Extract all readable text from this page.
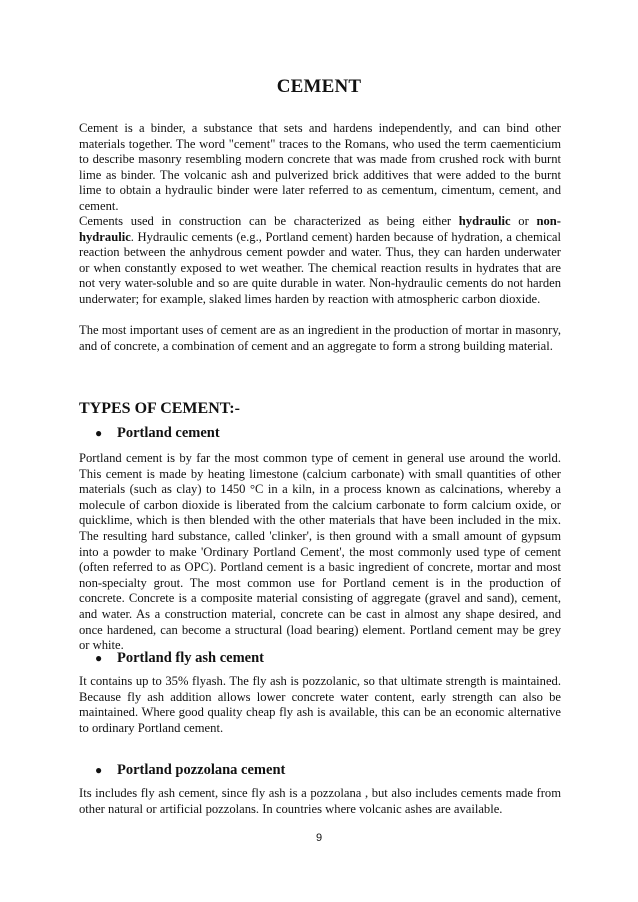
CEMENT

Cement is a binder, a substance that sets and hardens independently, and can bind other materials together. The word "cement" traces to the Romans, who used the term caementicium to describe masonry resembling modern concrete that was made from crushed rock with burnt lime as binder. The volcanic ash and pulverized brick additives that were added to the burnt lime to obtain a hydraulic binder were later referred to as cementum, cimentum, cement, and cement.

Cements used in construction can be characterized as being either hydraulic or non-hydraulic. Hydraulic cements (e.g., Portland cement) harden because of hydration, a chemical reaction between the anhydrous cement powder and water. Thus, they can harden underwater or when constantly exposed to wet weather. The chemical reaction results in hydrates that are not very water-soluble and so are quite durable in water. Non-hydraulic cements do not harden underwater; for example, slaked limes harden by reaction with atmospheric carbon dioxide.

The most important uses of cement are as an ingredient in the production of mortar in masonry, and of concrete, a combination of cement and an aggregate to form a strong building material.

TYPES OF CEMENT:-
● Portland cement

Portland cement is by far the most common type of cement in general use around the world. This cement is made by heating limestone (calcium carbonate) with small quantities of other materials (such as clay) to 1450 °C in a kiln, in a process known as calcinations, whereby a molecule of carbon dioxide is liberated from the calcium carbonate to form calcium oxide, or quicklime, which is then blended with the other materials that have been included in the mix. The resulting hard substance, called 'clinker', is then ground with a small amount of gypsum into a powder to make 'Ordinary Portland Cement', the most commonly used type of cement (often referred to as OPC). Portland cement is a basic ingredient of concrete, mortar and most non-specialty grout. The most common use for Portland cement is in the production of concrete. Concrete is a composite material consisting of aggregate (gravel and sand), cement, and water. As a construction material, concrete can be cast in almost any shape desired, and once hardened, can become a structural (load bearing) element. Portland cement may be grey or white.

● Portland fly ash cement

It contains up to 35% flyash. The fly ash is pozzolanic, so that ultimate strength is maintained. Because fly ash addition allows lower concrete water content, early strength can also be maintained. Where good quality cheap fly ash is available, this can be an economic alternative to ordinary Portland cement.

● Portland pozzolana cement

Its includes fly ash cement, since fly ash is a pozzolana , but also includes cements made from other natural or artificial pozzolans. In countries where volcanic ashes are available.

9
